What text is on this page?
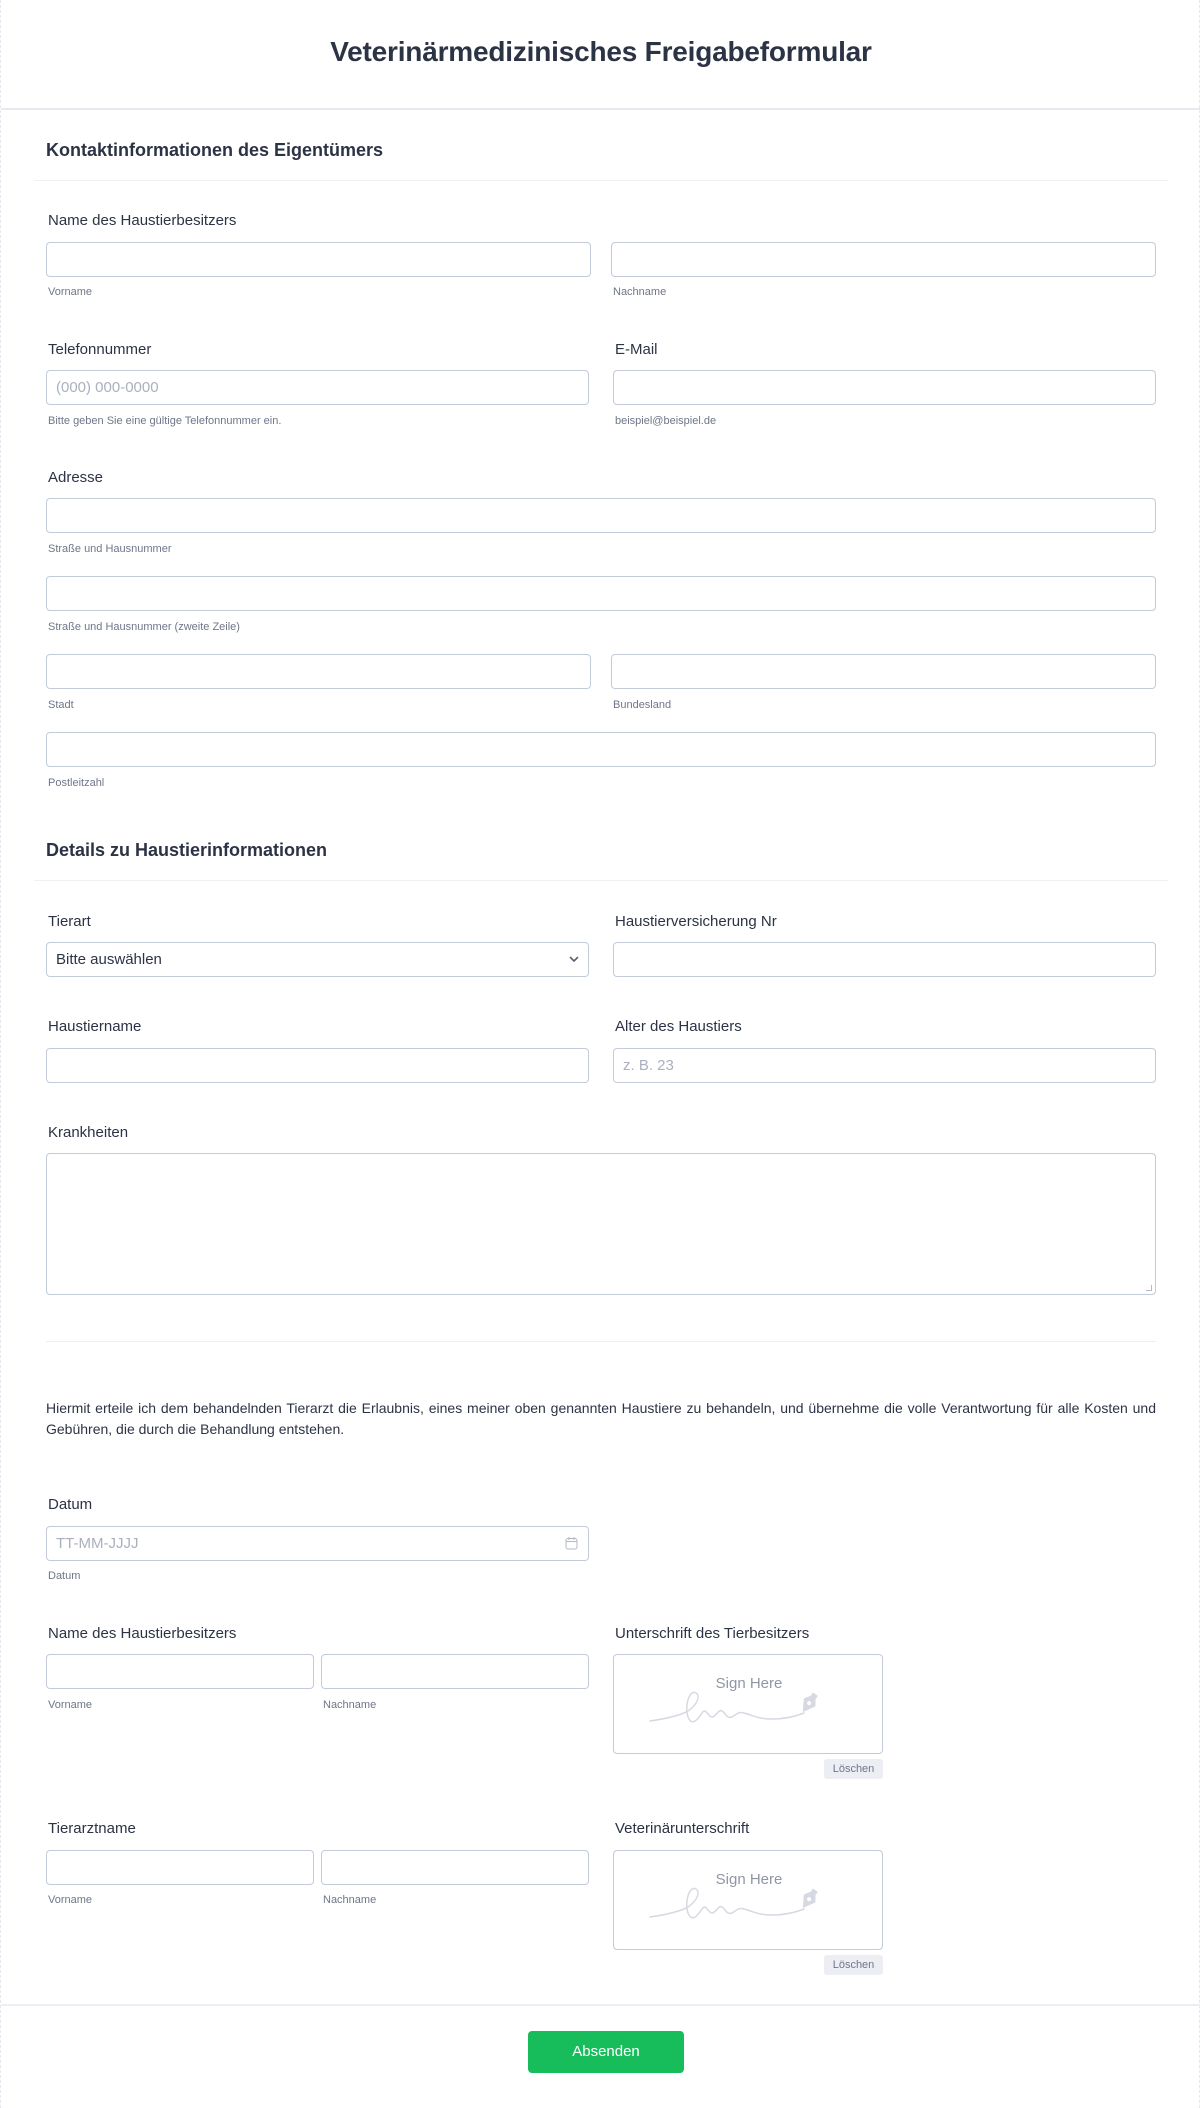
Veterinärmedizinisches Freigabeformular
Kontaktinformationen des Eigentümers
Name des Haustierbesitzers
Vorname	Nachname
Telefonnummer
(000) 000-0000
Bitte geben Sie eine gültige Telefonnummer ein.
E-Mail
beispiel@beispiel.de
Adresse
Straße und Hausnummer
Straße und Hausnummer (zweite Zeile)
Stadt	Bundesland
Postleitzahl
Details zu Haustierinformationen
Tierart
Bitte auswählen
Haustierversicherung Nr
Haustiername	Alter des Haustiers
z. B. 23
Krankheiten
Hiermit erteile ich dem behandelnden Tierarzt die Erlaubnis, eines meiner oben genannten Haustiere zu behandeln, und übernehme die volle Verantwortung für alle Kosten und Gebühren, die durch die Behandlung entstehen.
Datum
TT-MM-JJJJ
Datum
Name des Haustierbesitzers
Vorname	Nachname
Unterschrift des Tierbesitzers
Sign Here
Löschen
Tierarztname
Vorname	Nachname
Veterinärunterschrift
Sign Here
Löschen
Absenden
